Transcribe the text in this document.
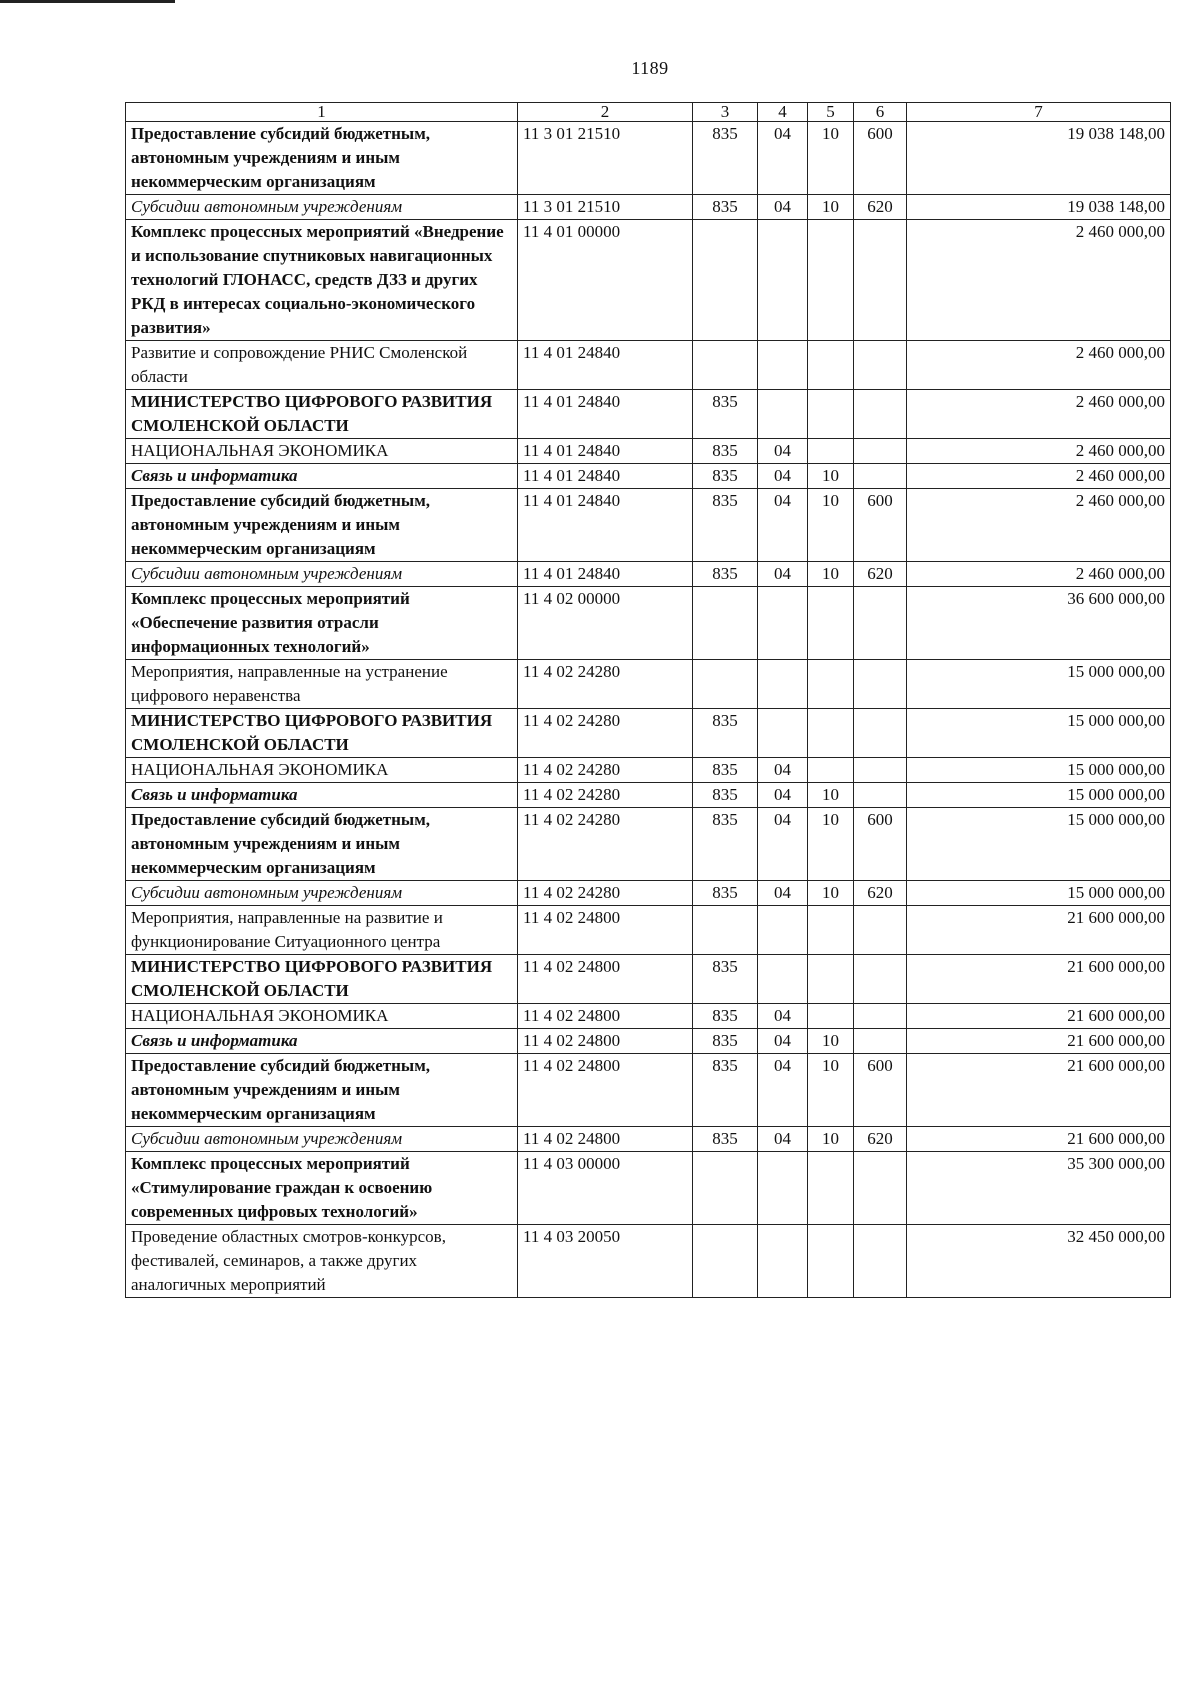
1189
1	2	3	4	5	6	7
Предоставление субсидий бюджетным, автономным учреждениям и иным некоммерческим организациям	11 3 01 21510	835	04	10	600	19 038 148,00
Субсидии автономным учреждениям	11 3 01 21510	835	04	10	620	19 038 148,00
Комплекс процессных мероприятий «Внедрение и использование спутниковых навигационных технологий ГЛОНАСС, средств ДЗЗ и других РКД в интересах социально-экономического развития»	11 4 01 00000					2 460 000,00
Развитие и сопровождение РНИС Смоленской области	11 4 01 24840					2 460 000,00
МИНИСТЕРСТВО ЦИФРОВОГО РАЗВИТИЯ СМОЛЕНСКОЙ ОБЛАСТИ	11 4 01 24840	835				2 460 000,00
НАЦИОНАЛЬНАЯ ЭКОНОМИКА	11 4 01 24840	835	04			2 460 000,00
Связь и информатика	11 4 01 24840	835	04	10		2 460 000,00
Предоставление субсидий бюджетным, автономным учреждениям и иным некоммерческим организациям	11 4 01 24840	835	04	10	600	2 460 000,00
Субсидии автономным учреждениям	11 4 01 24840	835	04	10	620	2 460 000,00
Комплекс процессных мероприятий «Обеспечение развития отрасли информационных технологий»	11 4 02 00000					36 600 000,00
Мероприятия, направленные на устранение цифрового неравенства	11 4 02 24280					15 000 000,00
МИНИСТЕРСТВО ЦИФРОВОГО РАЗВИТИЯ СМОЛЕНСКОЙ ОБЛАСТИ	11 4 02 24280	835				15 000 000,00
НАЦИОНАЛЬНАЯ ЭКОНОМИКА	11 4 02 24280	835	04			15 000 000,00
Связь и информатика	11 4 02 24280	835	04	10		15 000 000,00
Предоставление субсидий бюджетным, автономным учреждениям и иным некоммерческим организациям	11 4 02 24280	835	04	10	600	15 000 000,00
Субсидии автономным учреждениям	11 4 02 24280	835	04	10	620	15 000 000,00
Мероприятия, направленные на развитие и функционирование Ситуационного центра	11 4 02 24800					21 600 000,00
МИНИСТЕРСТВО ЦИФРОВОГО РАЗВИТИЯ СМОЛЕНСКОЙ ОБЛАСТИ	11 4 02 24800	835				21 600 000,00
НАЦИОНАЛЬНАЯ ЭКОНОМИКА	11 4 02 24800	835	04			21 600 000,00
Связь и информатика	11 4 02 24800	835	04	10		21 600 000,00
Предоставление субсидий бюджетным, автономным учреждениям и иным некоммерческим организациям	11 4 02 24800	835	04	10	600	21 600 000,00
Субсидии автономным учреждениям	11 4 02 24800	835	04	10	620	21 600 000,00
Комплекс процессных мероприятий «Стимулирование граждан к освоению современных цифровых технологий»	11 4 03 00000					35 300 000,00
Проведение областных смотров-конкурсов, фестивалей, семинаров, а также других аналогичных мероприятий	11 4 03 20050					32 450 000,00
